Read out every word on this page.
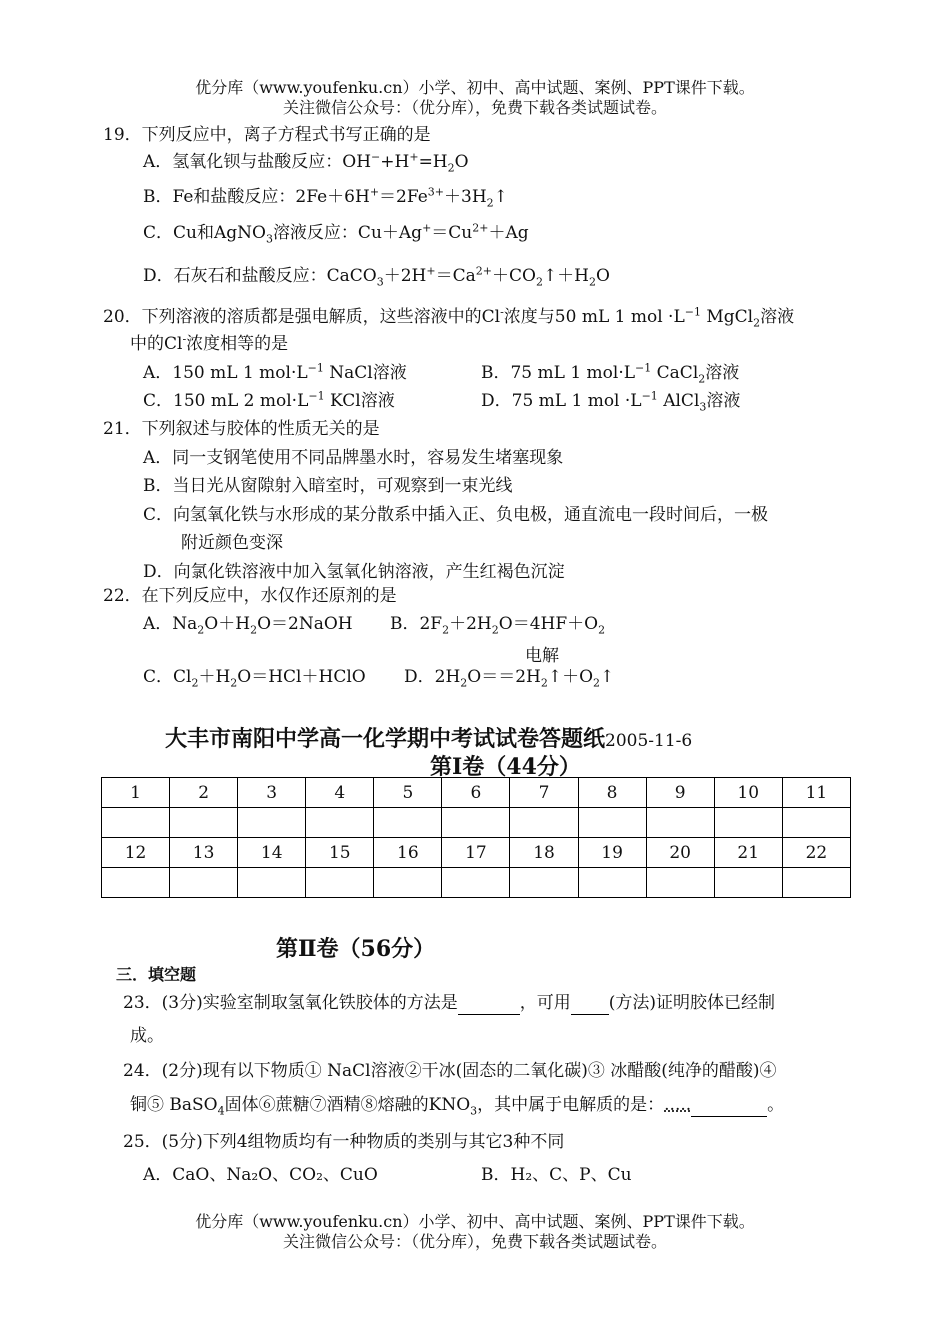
优分库（www.youfenku.cn）小学、初中、高中试题、案例、PPT课件下载。
关注微信公众号：（优分库），免费下载各类试题试卷。
19．下列反应中，离子方程式书写正确的是
A．氢氧化钡与盐酸反应：$OH^-+H^+=H_2O$
B．Fe和盐酸反应：$2Fe+6H^+=2Fe^{3+}+3H_2↑$
C．Cu和AgNO$_3$溶液反应：$Cu+Ag^+=Cu^{2+}+Ag$
D．石灰石和盐酸反应：$CaCO_3+2H^+=Ca^{2+}+CO_2↑+H_2O$
20．下列溶液的溶质都是强电解质，这些溶液中的Cl-浓度与50 mL 1 mol $\cdot L^{-1}$ MgCl$_2$溶液
中的Cl-浓度相等的是
A．150 mL 1 $mol\cdot L^{-1}$ NaCl溶液	B．75 mL 1 $mol\cdot L^{-1}$ CaCl$_2$溶液
C．150 mL 2 $mol\cdot L^{-1}$ KCl溶液	D．75 mL 1 mol $\cdot L^{-1}$ AlCl$_3$溶液
21．下列叙述与胶体的性质无关的是
A．同一支钢笔使用不同品牌墨水时，容易发生堵塞现象
B．当日光从窗隙射入暗室时，可观察到一束光线
C．向氢氧化铁与水形成的某分散系中插入正、负电极，通直流电一段时间后，一极
附近颜色变深
D．向氯化铁溶液中加入氢氧化钠溶液，产生红褐色沉淀
22．在下列反应中，水仅作还原剂的是
A．$Na_2O+H_2O=2NaOH$ B．$2F_2+2H_2O=4HF+O_2$
电解
C．$Cl_2+H_2O=HCl+HClO$ D．$2H_2O==2H_2↑+O_2↑$
大丰市南阳中学高一化学期中考试试卷答题纸2005-11-6
第Ⅰ卷（44分）
1	2	3	4	5	6	7	8	9	10	11

12	13	14	15	16	17	18	19	20	21	22

第Ⅱ卷（56分）
三．填空题
23．(3分)实验室制取氢氧化铁胶体的方法是	，可用 (方法)证明胶体已经制
成。
24．(2分)现有以下物质① NaCl溶液②干冰(固态的二氧化碳)③ 冰醋酸(纯净的醋酸)④
铜⑤ BaSO$_4$固体⑥蔗糖⑦酒精⑧熔融的$KNO_3$，其中属于电解质的是：.....	。
25．(5分)下列4组物质均有一种物质的类别与其它3种不同
A．CaO、Na₂O、CO₂、CuO	B．H₂、C、P、Cu
优分库（www.youfenku.cn）小学、初中、高中试题、案例、PPT课件下载。
关注微信公众号：（优分库），免费下载各类试题试卷。
